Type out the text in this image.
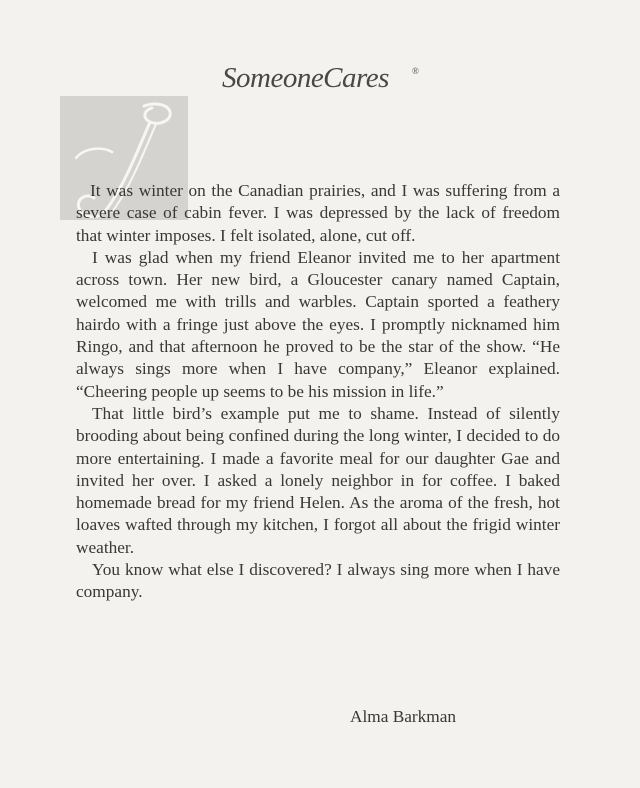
SomeoneCares	®

It was winter on the Canadian prairies, and I was suffering from a severe case of cabin fever. I was depressed by the lack of freedom that winter imposes. I felt isolated, alone, cut off.

I was glad when my friend Eleanor invited me to her apartment across town. Her new bird, a Gloucester canary named Captain, welcomed me with trills and warbles. Captain sported a feathery hairdo with a fringe just above the eyes. I promptly nicknamed him Ringo, and that afternoon he proved to be the star of the show. “He always sings more when I have company,” Eleanor explained. “Cheering people up seems to be his mission in life.”

That little bird’s example put me to shame. Instead of silently brooding about being confined during the long winter, I decided to do more entertaining. I made a favorite meal for our daughter Gae and invited her over. I asked a lonely neighbor in for coffee. I baked homemade bread for my friend Helen. As the aroma of the fresh, hot loaves wafted through my kitchen, I forgot all about the frigid winter weather.

You know what else I discovered? I always sing more when I have company.

Alma Barkman
